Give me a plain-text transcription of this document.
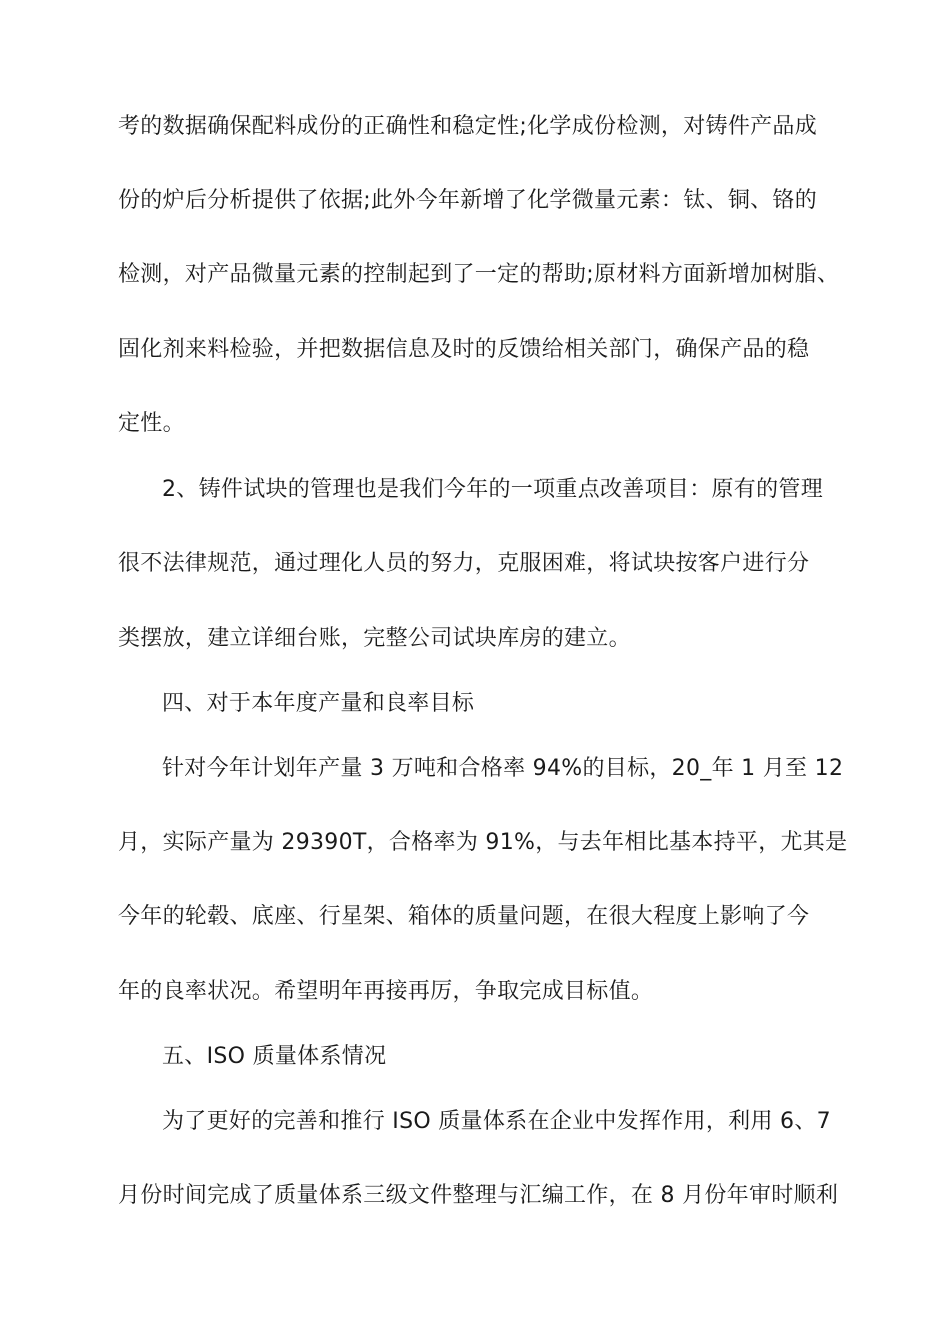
考的数据确保配料成份的正确性和稳定性;化学成份检测，对铸件产品成
份的炉后分析提供了依据;此外今年新增了化学微量元素：钛、铜、铬的
检测，对产品微量元素的控制起到了一定的帮助;原材料方面新增加树脂、
固化剂来料检验，并把数据信息及时的反馈给相关部门，确保产品的稳
定性。
2、铸件试块的管理也是我们今年的一项重点改善项目：原有的管理
很不法律规范，通过理化人员的努力，克服困难，将试块按客户进行分
类摆放，建立详细台账，完整公司试块库房的建立。
四、对于本年度产量和良率目标
针对今年计划年产量 3 万吨和合格率 94%的目标，20_年 1 月至 12
月，实际产量为 29390T，合格率为 91%，与去年相比基本持平，尤其是
今年的轮毂、底座、行星架、箱体的质量问题，在很大程度上影响了今
年的良率状况。希望明年再接再厉，争取完成目标值。
五、ISO 质量体系情况
为了更好的完善和推行 ISO 质量体系在企业中发挥作用，利用 6、7
月份时间完成了质量体系三级文件整理与汇编工作，在 8 月份年审时顺利
